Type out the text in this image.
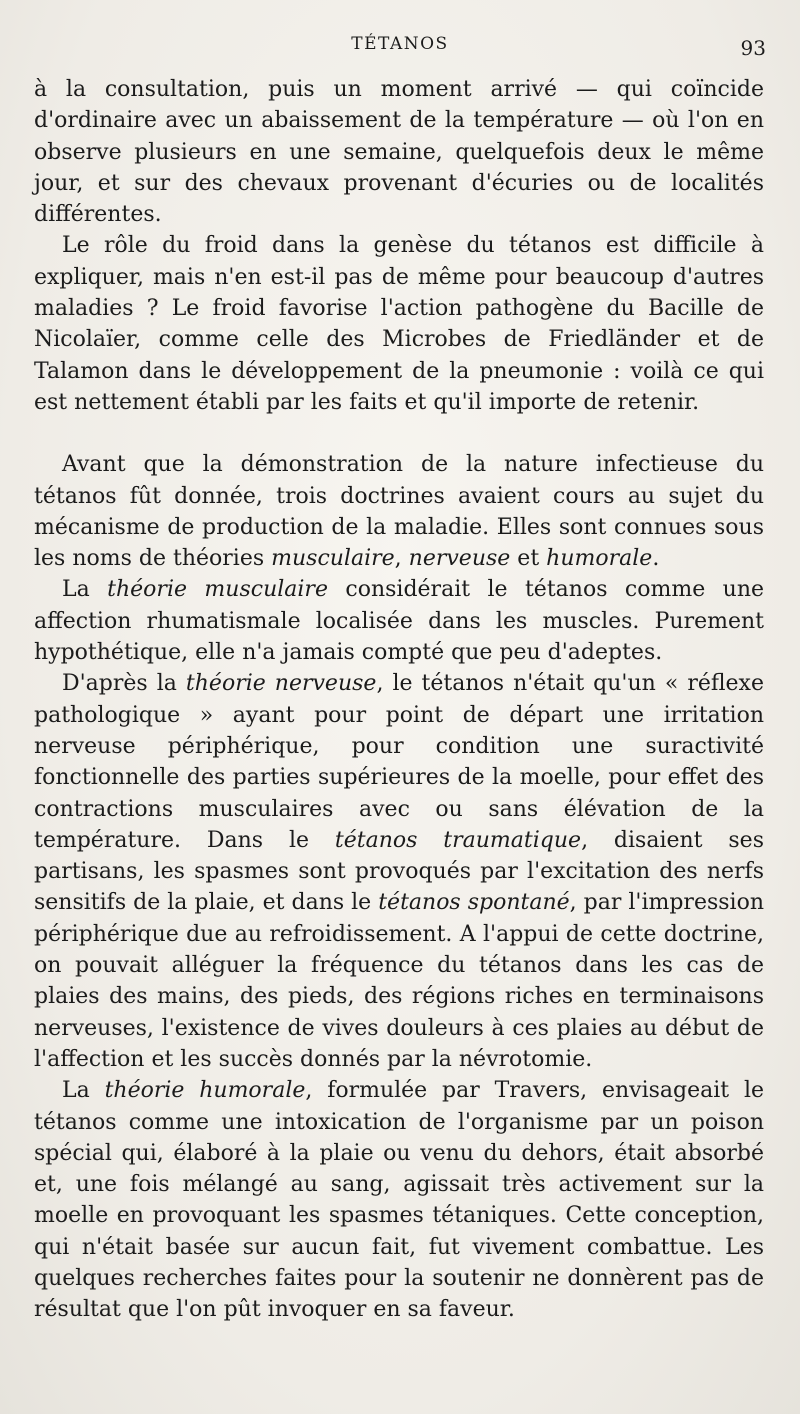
TÉTANOS	93

à la consultation, puis un moment arrivé — qui coïncide d'ordinaire avec un abaissement de la température — où l'on en observe plusieurs en une semaine, quelquefois deux le même jour, et sur des chevaux provenant d'écuries ou de localités différentes.

Le rôle du froid dans la genèse du tétanos est difficile à expliquer, mais n'en est-il pas de même pour beaucoup d'autres maladies ? Le froid favorise l'action pathogène du Bacille de Nicolaïer, comme celle des Microbes de Friedländer et de Talamon dans le développement de la pneumonie : voilà ce qui est nettement établi par les faits et qu'il importe de retenir.

Avant que la démonstration de la nature infectieuse du tétanos fût donnée, trois doctrines avaient cours au sujet du mécanisme de production de la maladie. Elles sont connues sous les noms de théories musculaire, nerveuse et humorale.

La théorie musculaire considérait le tétanos comme une affection rhumatismale localisée dans les muscles. Purement hypothétique, elle n'a jamais compté que peu d'adeptes.

D'après la théorie nerveuse, le tétanos n'était qu'un « réflexe pathologique » ayant pour point de départ une irritation nerveuse périphérique, pour condition une suractivité fonctionnelle des parties supérieures de la moelle, pour effet des contractions musculaires avec ou sans élévation de la température. Dans le tétanos traumatique, disaient ses partisans, les spasmes sont provoqués par l'excitation des nerfs sensitifs de la plaie, et dans le tétanos spontané, par l'impression périphérique due au refroidissement. A l'appui de cette doctrine, on pouvait alléguer la fréquence du tétanos dans les cas de plaies des mains, des pieds, des régions riches en terminaisons nerveuses, l'existence de vives douleurs à ces plaies au début de l'affection et les succès donnés par la névrotomie.

La théorie humorale, formulée par Travers, envisageait le tétanos comme une intoxication de l'organisme par un poison spécial qui, élaboré à la plaie ou venu du dehors, était absorbé et, une fois mélangé au sang, agissait très activement sur la moelle en provoquant les spasmes tétaniques. Cette conception, qui n'était basée sur aucun fait, fut vivement combattue. Les quelques recherches faites pour la soutenir ne donnèrent pas de résultat que l'on pût invoquer en sa faveur.
